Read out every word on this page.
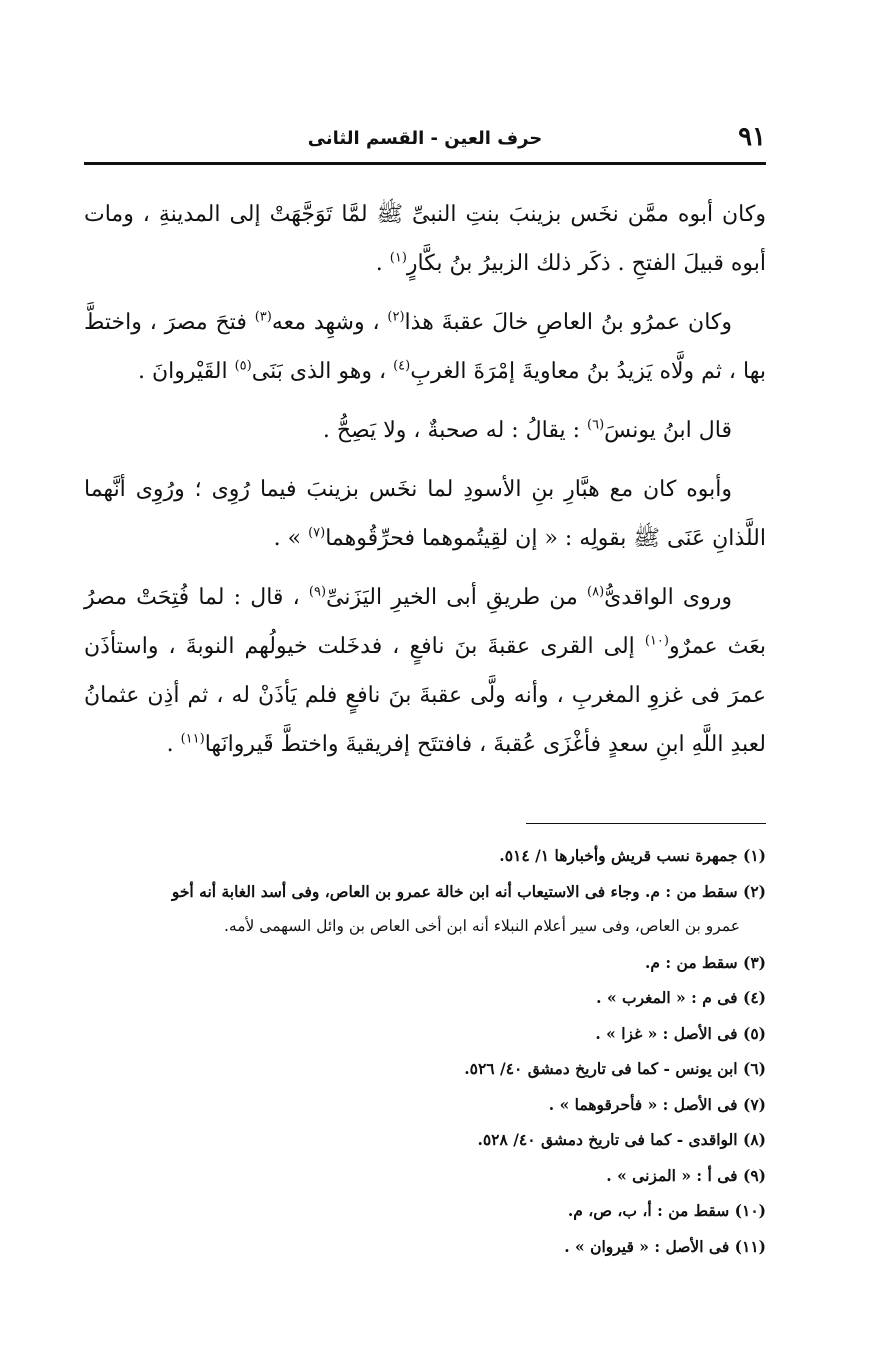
حرف العين - القسم الثانى	٩١

وكان أبوه ممَّن نخَس بزينبَ بنتِ النبىِّ ﷺ لمَّا تَوَجَّهَتْ إلى المدينةِ ، ومات أبوه قبيلَ الفتحِ . ذكَر ذلك الزبيرُ بنُ بكَّارٍ$^{(١)}$ .

وكان عمرُو بنُ العاصِ خالَ عقبةَ هذا$^{(٢)}$ ، وشهِد معه$^{(٣)}$ فتحَ مصرَ ، واختطَّ بها ، ثم ولَّاه يَزيدُ بنُ معاويةَ إمْرَةَ الغربِ$^{(٤)}$ ، وهو الذى بَنَى$^{(٥)}$ القَيْروانَ .

قال ابنُ يونسَ$^{(٦)}$ : يقالُ : له صحبةٌ ، ولا يَصِحُّ .

وأبوه كان مع هبَّارِ بنِ الأسودِ لما نخَس بزينبَ فيما رُوِى ؛ ورُوِى أنَّهما اللَّذانِ عَنَى ﷺ بقولِه : « إن لقِيتُموهما فحرِّقُوهما$^{(٧)}$ » .

وروى الواقدىُّ$^{(٨)}$ من طريقِ أبى الخيرِ اليَزَنىِّ$^{(٩)}$ ، قال : لما فُتِحَتْ مصرُ بعَث عمرٌو$^{(١٠)}$ إلى القرى عقبةَ بنَ نافعٍ ، فدخَلت خيولُهم النوبةَ ، واستأذَن عمرَ فى غزوِ المغربِ ، وأنه ولَّى عقبةَ بنَ نافعٍ فلم يَأذَنْ له ، ثم أذِن عثمانُ لعبدِ اللَّهِ ابنِ سعدٍ فأغْزَى عُقبةَ ، فافتتَح إفريقيةَ واختطَّ قَيروانَها$^{(١١)}$ .

(١) جمهرة نسب قريش وأخبارها ١/ ٥١٤.

(٢) سقط من : م. وجاء فى الاستيعاب أنه ابن خالة عمرو بن العاص، وفى أسد الغابة أنه أخو

عمرو بن العاص، وفى سير أعلام النبلاء أنه ابن أخى العاص بن وائل السهمى لأمه.

(٣) سقط من : م.

(٤) فى م : « المغرب » .

(٥) فى الأصل : « غزا » .

(٦) ابن يونس - كما فى تاريخ دمشق ٤٠/ ٥٢٦.

(٧) فى الأصل : « فأحرقوهما » .

(٨) الواقدى - كما فى تاريخ دمشق ٤٠/ ٥٢٨.

(٩) فى أ : « المزنى » .

(١٠) سقط من : أ، ب، ص، م.

(١١) فى الأصل : « قيروان » .
